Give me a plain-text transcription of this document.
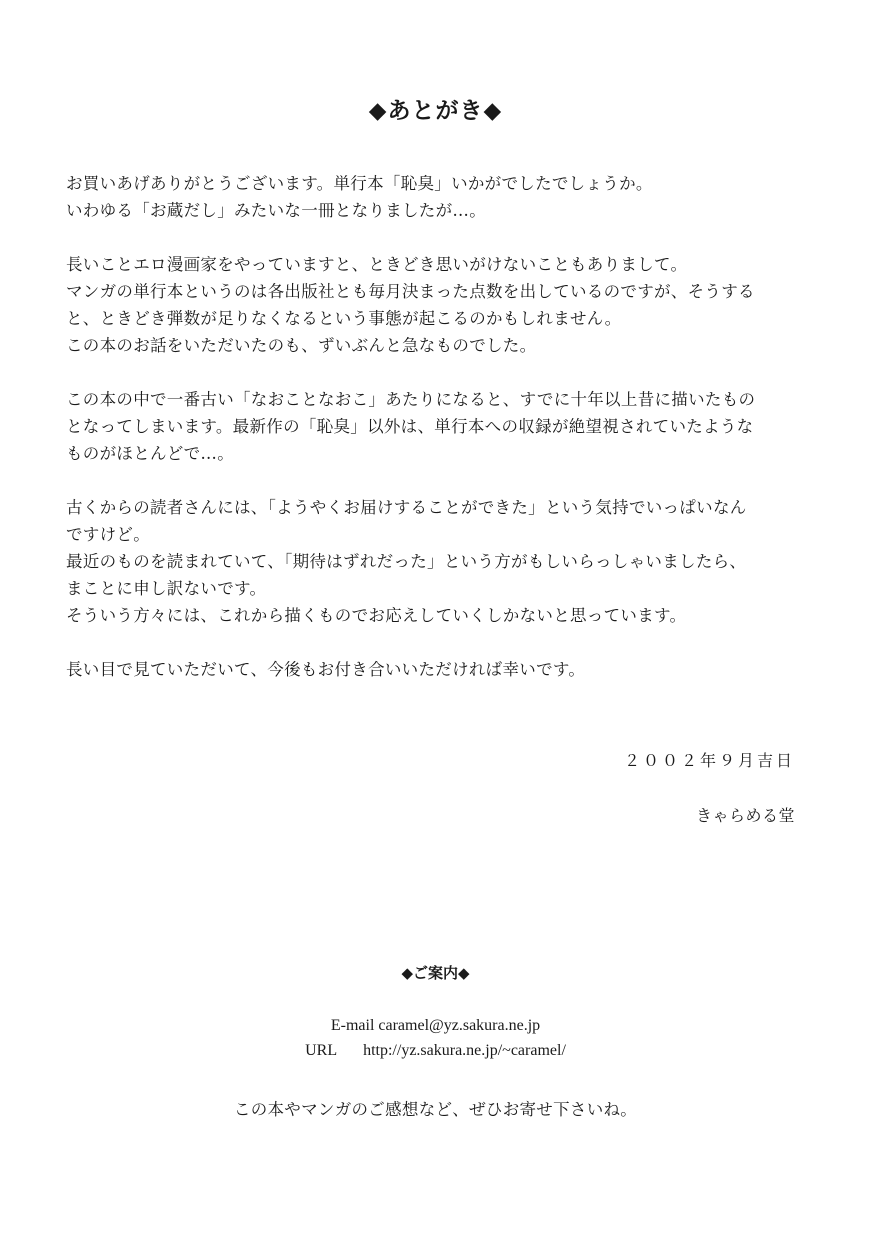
◆あとがき◆

お買いあげありがとうございます。単行本「恥臭」いかがでしたでしょうか。
いわゆる「お蔵だし」みたいな一冊となりましたが…。

長いことエロ漫画家をやっていますと、ときどき思いがけないこともありまして。
マンガの単行本というのは各出版社とも毎月決まった点数を出しているのですが、そうする
と、ときどき弾数が足りなくなるという事態が起こるのかもしれません。
この本のお話をいただいたのも、ずいぶんと急なものでした。

この本の中で一番古い「なおことなおこ」あたりになると、すでに十年以上昔に描いたもの
となってしまいます。最新作の「恥臭」以外は、単行本への収録が絶望視されていたような
ものがほとんどで…。

古くからの読者さんには、「ようやくお届けすることができた」という気持でいっぱいなん
ですけど。
最近のものを読まれていて、「期待はずれだった」という方がもしいらっしゃいましたら、
まことに申し訳ないです。
そういう方々には、これから描くものでお応えしていくしかないと思っています。

長い目で見ていただいて、今後もお付き合いいただければ幸いです。

２００２年９月吉日
きゃらめる堂
◆ご案内◆
E-mail caramel@yz.sakura.ne.jp
URL http://yz.sakura.ne.jp/~caramel/
この本やマンガのご感想など、ぜひお寄せ下さいね。
